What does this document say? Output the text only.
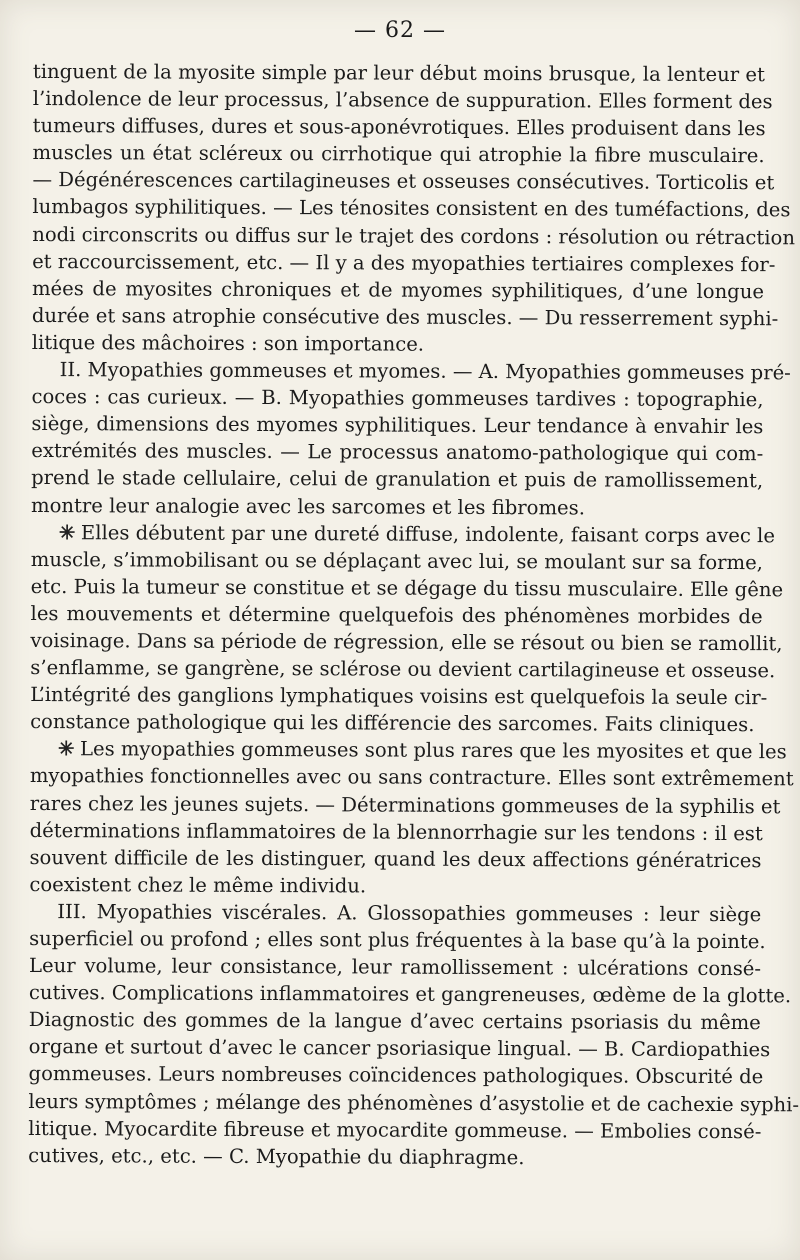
— 62 —
tinguent de la myosite simple par leur début moins brusque, la lenteur et
l’indolence de leur processus, l’absence de suppuration. Elles forment des
tumeurs diffuses, dures et sous-aponévrotiques. Elles produisent dans les
muscles un état scléreux ou cirrhotique qui atrophie la fibre musculaire.
— Dégénérescences cartilagineuses et osseuses consécutives. Torticolis et
lumbagos syphilitiques. — Les ténosites consistent en des tuméfactions, des
nodi circonscrits ou diffus sur le trajet des cordons : résolution ou rétraction
et raccourcissement, etc. — Il y a des myopathies tertiaires complexes for-
mées de myosites chroniques et de myomes syphilitiques, d’une longue
durée et sans atrophie consécutive des muscles. — Du resserrement syphi-
litique des mâchoires : son importance.
II. Myopathies gommeuses et myomes. — A. Myopathies gommeuses pré-
coces : cas curieux. — B. Myopathies gommeuses tardives : topographie,
siège, dimensions des myomes syphilitiques. Leur tendance à envahir les
extrémités des muscles. — Le processus anatomo-pathologique qui com-
prend le stade cellulaire, celui de granulation et puis de ramollissement,
montre leur analogie avec les sarcomes et les fibromes.
✳ Elles débutent par une dureté diffuse, indolente, faisant corps avec le
muscle, s’immobilisant ou se déplaçant avec lui, se moulant sur sa forme,
etc. Puis la tumeur se constitue et se dégage du tissu musculaire. Elle gêne
les mouvements et détermine quelquefois des phénomènes morbides de
voisinage. Dans sa période de régression, elle se résout ou bien se ramollit,
s’enflamme, se gangrène, se sclérose ou devient cartilagineuse et osseuse.
L’intégrité des ganglions lymphatiques voisins est quelquefois la seule cir-
constance pathologique qui les différencie des sarcomes. Faits cliniques.
✳ Les myopathies gommeuses sont plus rares que les myosites et que les
myopathies fonctionnelles avec ou sans contracture. Elles sont extrêmement
rares chez les jeunes sujets. — Déterminations gommeuses de la syphilis et
déterminations inflammatoires de la blennorrhagie sur les tendons : il est
souvent difficile de les distinguer, quand les deux affections génératrices
coexistent chez le même individu.
III. Myopathies viscérales. A. Glossopathies gommeuses : leur siège
superficiel ou profond ; elles sont plus fréquentes à la base qu’à la pointe.
Leur volume, leur consistance, leur ramollissement : ulcérations consé-
cutives. Complications inflammatoires et gangreneuses, œdème de la glotte.
Diagnostic des gommes de la langue d’avec certains psoriasis du même
organe et surtout d’avec le cancer psoriasique lingual. — B. Cardiopathies
gommeuses. Leurs nombreuses coïncidences pathologiques. Obscurité de
leurs symptômes ; mélange des phénomènes d’asystolie et de cachexie syphi-
litique. Myocardite fibreuse et myocardite gommeuse. — Embolies consé-
cutives, etc., etc. — C. Myopathie du diaphragme.
